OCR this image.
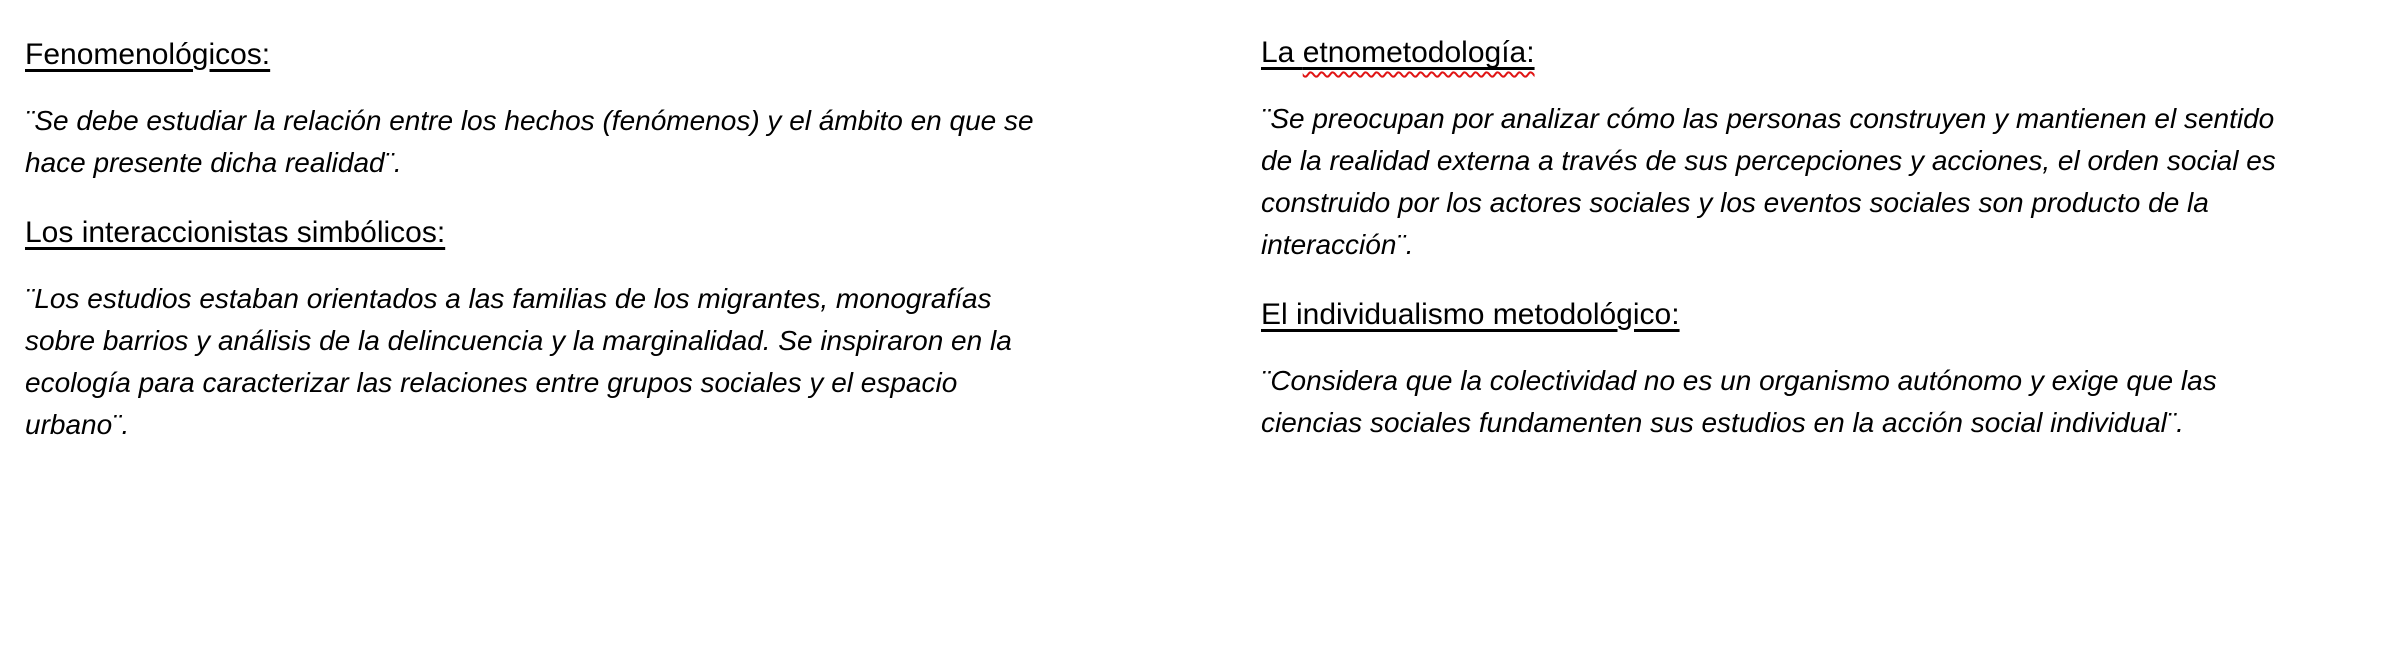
Fenomenológicos:

¨Se debe estudiar la relación entre los hechos (fenómenos) y el ámbito en que se
hace presente dicha realidad¨.

Los interaccionistas simbólicos:

¨Los estudios estaban orientados a las familias de los migrantes, monografías
sobre barrios y análisis de la delincuencia y la marginalidad. Se inspiraron en la
ecología para caracterizar las relaciones entre grupos sociales y el espacio
urbano¨.

La etnometodología:

¨Se preocupan por analizar cómo las personas construyen y mantienen el sentido
de la realidad externa a través de sus percepciones y acciones, el orden social es
construido por los actores sociales y los eventos sociales son producto de la
interacción¨.

El individualismo metodológico:

¨Considera que la colectividad no es un organismo autónomo y exige que las
ciencias sociales fundamenten sus estudios en la acción social individual¨.
